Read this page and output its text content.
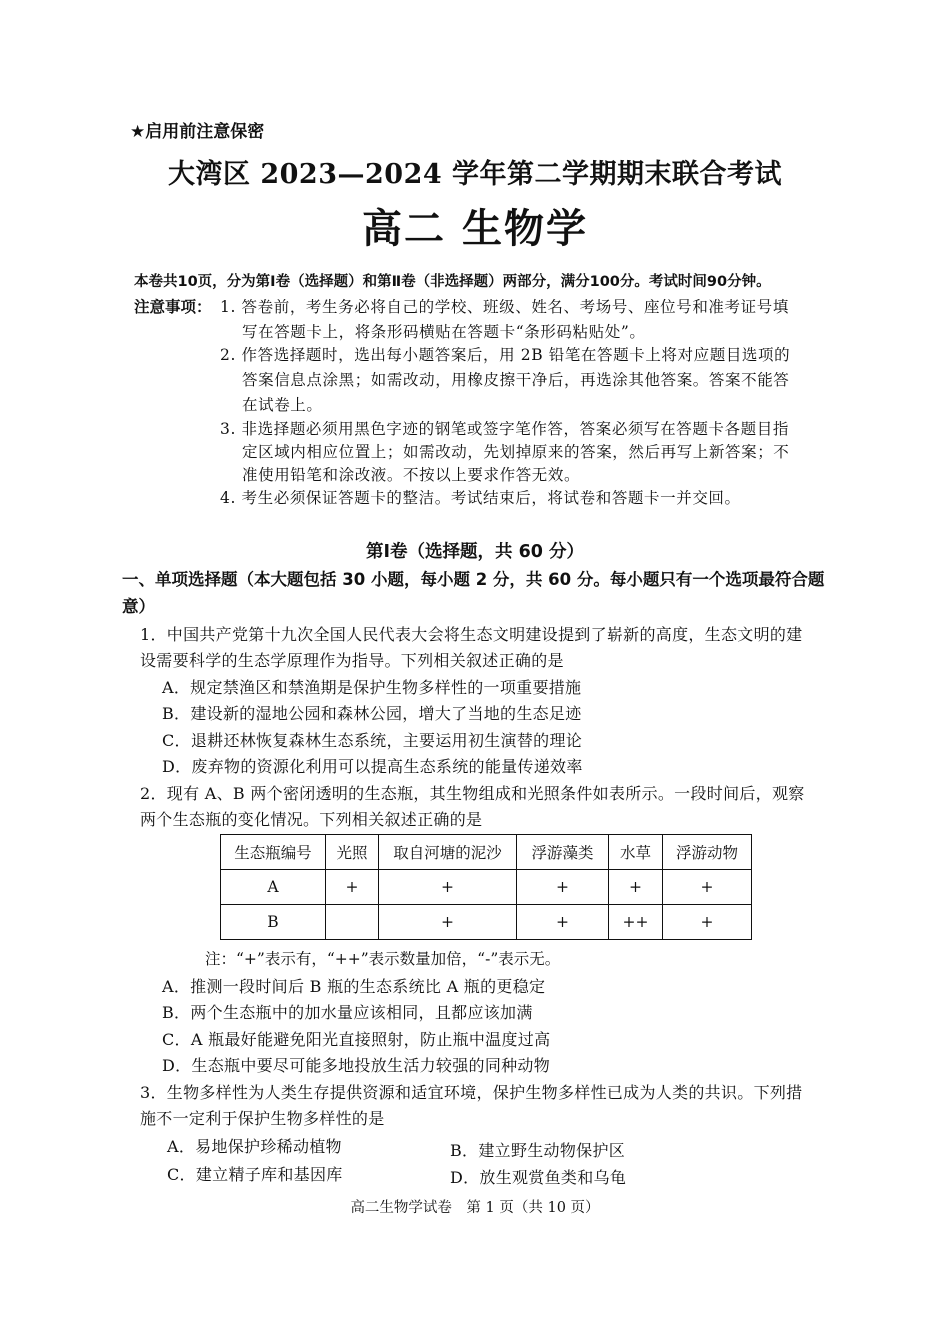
★启用前注意保密
大湾区 2023—2024 学年第二学期期末联合考试
高二 生物学
本卷共10页，分为第Ⅰ卷（选择题）和第Ⅱ卷（非选择题）两部分，满分100分。考试时间90分钟。
注意事项： 1. 答卷前，考生务必将自己的学校、班级、姓名、考场号、座位号和准考证号填
写在答题卡上，将条形码横贴在答题卡“条形码粘贴处”。
2. 作答选择题时，选出每小题答案后，用 2B 铅笔在答题卡上将对应题目选项的
答案信息点涂黑；如需改动，用橡皮擦干净后，再选涂其他答案。答案不能答
在试卷上。
3. 非选择题必须用黑色字迹的钢笔或签字笔作答，答案必须写在答题卡各题目指
定区域内相应位置上；如需改动，先划掉原来的答案，然后再写上新答案；不
准使用铅笔和涂改液。不按以上要求作答无效。
4. 考生必须保证答题卡的整洁。考试结束后，将试卷和答题卡一并交回。
第Ⅰ卷（选择题，共 60 分）
一、单项选择题（本大题包括 30 小题，每小题 2 分，共 60 分。每小题只有一个选项最符合题意）
1．中国共产党第十九次全国人民代表大会将生态文明建设提到了崭新的高度，生态文明的建
设需要科学的生态学原理作为指导。下列相关叙述正确的是
A．规定禁渔区和禁渔期是保护生物多样性的一项重要措施
B．建设新的湿地公园和森林公园，增大了当地的生态足迹
C．退耕还林恢复森林生态系统，主要运用初生演替的理论
D．废弃物的资源化利用可以提高生态系统的能量传递效率
2．现有 A、B 两个密闭透明的生态瓶，其生物组成和光照条件如表所示。一段时间后，观察
两个生态瓶的变化情况。下列相关叙述正确的是
生态瓶编号	光照	取自河塘的泥沙	浮游藻类	水草	浮游动物
A	+	+	+	+	+
B		+	+	++	+
注：“+”表示有，“++”表示数量加倍，“-”表示无。
A．推测一段时间后 B 瓶的生态系统比 A 瓶的更稳定
B．两个生态瓶中的加水量应该相同，且都应该加满
C．A 瓶最好能避免阳光直接照射，防止瓶中温度过高
D．生态瓶中要尽可能多地投放生活力较强的同种动物
3．生物多样性为人类生存提供资源和适宜环境，保护生物多样性已成为人类的共识。下列措
施不一定利于保护生物多样性的是
A．易地保护珍稀动植物	B．建立野生动物保护区
C．建立精子库和基因库	D．放生观赏鱼类和乌龟
高二生物学试卷　第 1 页（共 10 页）
